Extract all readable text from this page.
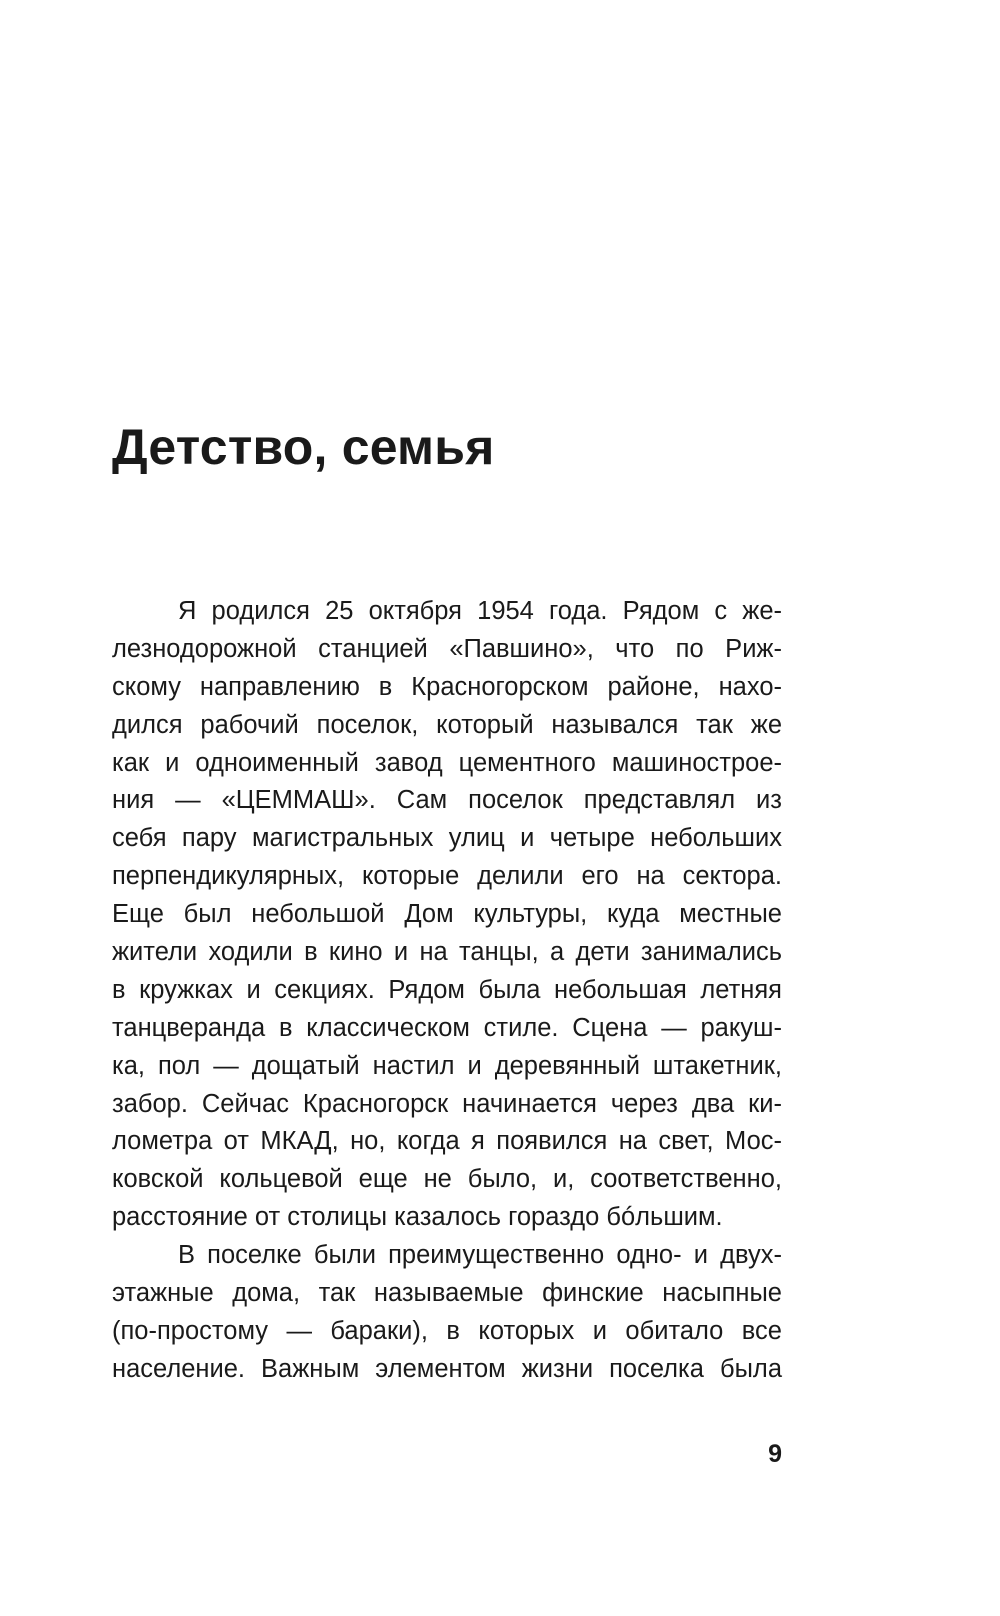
Детство, семья
Я родился 25 октября 1954 года. Рядом с же-
лезнодорожной станцией «Павшино», что по Риж-
скому направлению в Красногорском районе, нахо-
дился рабочий поселок, который назывался так же
как и одноименный завод цементного машинострое-
ния — «ЦЕММАШ». Сам поселок представлял из
себя пару магистральных улиц и четыре небольших
перпендикулярных, которые делили его на сектора.
Еще был небольшой Дом культуры, куда местные
жители ходили в кино и на танцы, а дети занимались
в кружках и секциях. Рядом была небольшая летняя
танцверанда в классическом стиле. Сцена — ракуш-
ка, пол — дощатый настил и деревянный штакетник,
забор. Сейчас Красногорск начинается через два ки-
лометра от МКАД, но, когда я появился на свет, Мос-
ковской кольцевой еще не было, и, соответственно,
расстояние от столицы казалось гораздо бóльшим.
В поселке были преимущественно одно- и двух-
этажные дома, так называемые финские насыпные
(по-простому — бараки), в которых и обитало все
население. Важным элементом жизни поселка была
9
